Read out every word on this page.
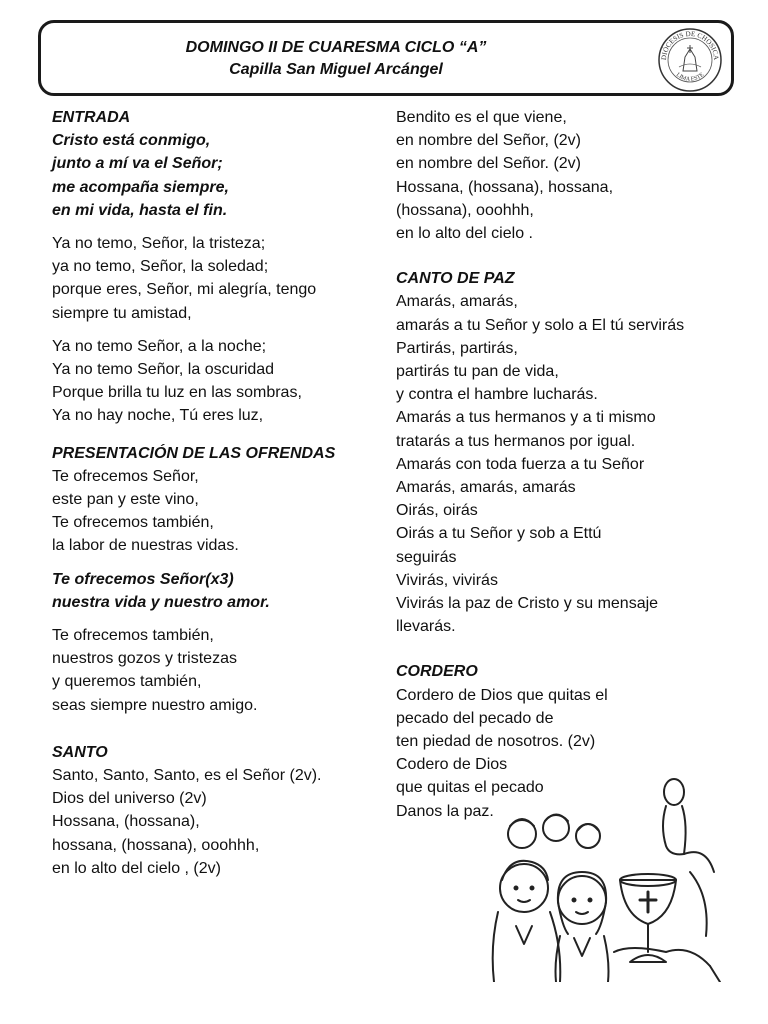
DOMINGO II DE CUARESMA CICLO “A”
Capilla San Miguel Arcángel
DIÓCESIS DE CHOSICA
LIMA ESTE
ENTRADA
Cristo está conmigo,
junto a mí va el Señor;
me acompaña siempre,
en mi vida, hasta el fin.
Ya no temo, Señor, la tristeza;
ya no temo, Señor, la soledad;
porque eres, Señor, mi alegría, tengo
siempre tu amistad,
Ya no temo Señor, a la noche;
Ya no temo Señor, la oscuridad
Porque brilla tu luz en las sombras,
Ya no hay noche, Tú eres luz,
PRESENTACIÓN DE LAS OFRENDAS
Te ofrecemos Señor,
este pan y este vino,
Te ofrecemos también,
la labor de nuestras vidas.
Te ofrecemos Señor(x3)
nuestra vida y nuestro amor.
Te ofrecemos también,
nuestros gozos y tristezas
y queremos también,
seas siempre nuestro amigo.
SANTO
Santo, Santo, Santo, es el Señor (2v).
Dios del universo (2v)
Hossana, (hossana),
hossana, (hossana), ooohhh,
en lo alto del cielo , (2v)
Bendito es el que viene,
en nombre del Señor, (2v)
en nombre del Señor. (2v)
Hossana, (hossana), hossana,
(hossana), ooohhh,
en lo alto del cielo .
CANTO DE PAZ
Amarás, amarás,
amarás a tu Señor y solo a El tú servirás
Partirás, partirás,
partirás tu pan de vida,
y contra el hambre lucharás.
Amarás a tus hermanos y a ti mismo
tratarás a tus hermanos por igual.
Amarás con toda fuerza a tu Señor
Amarás, amarás, amarás
Oirás, oirás
Oirás a tu Señor y sob a Ettú
seguirás
Vivirás, vivirás
Vivirás la paz de Cristo y su mensaje
llevarás.
CORDERO
Cordero de Dios que quitas el
pecado del pecado de
ten piedad de nosotros. (2v)
Codero de Dios
que quitas el pecado
Danos la paz.
